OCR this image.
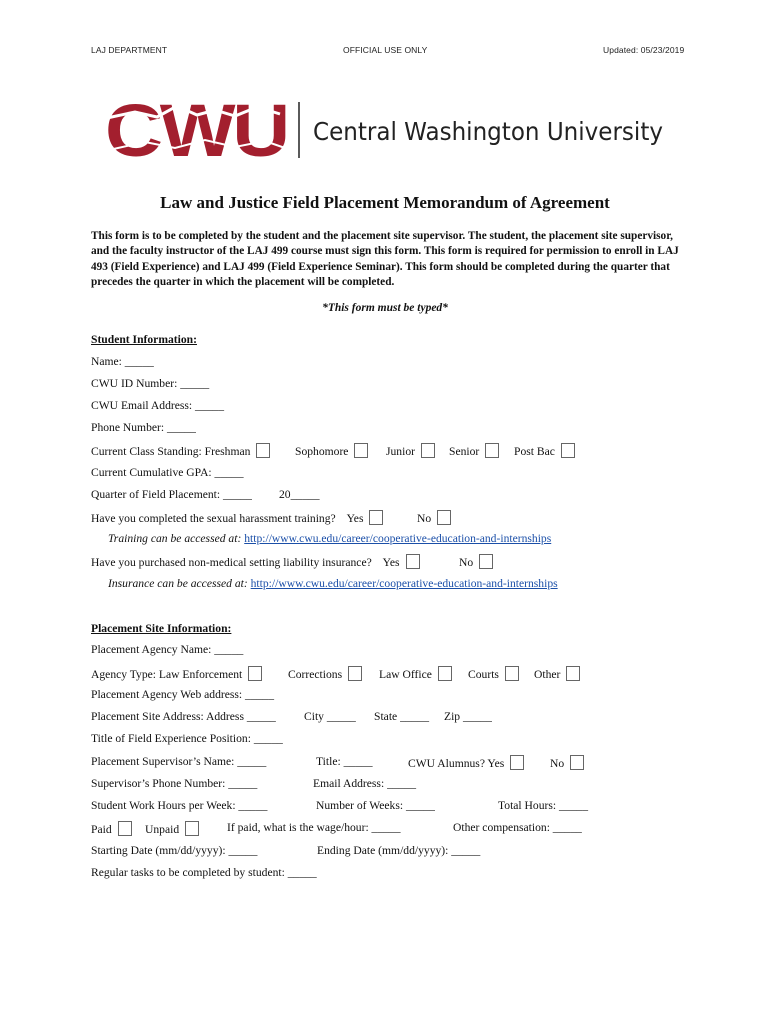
LAJ DEPARTMENT	OFFICIAL USE ONLY	Updated: 05/23/2019
CWU Central Washington University
Law and Justice Field Placement Memorandum of Agreement
This form is to be completed by the student and the placement site supervisor. The student, the placement site supervisor, and the faculty instructor of the LAJ 499 course must sign this form. This form is required for permission to enroll in LAJ 493 (Field Experience) and LAJ 499 (Field Experience Seminar). This form should be completed during the quarter that precedes the quarter in which the placement will be completed.
*This form must be typed*
Student Information:
Name: _____
CWU ID Number: _____
CWU Email Address: _____
Phone Number: _____
Current Class Standing: Freshman	Sophomore	Junior	Senior	Post Bac
Current Cumulative GPA: _____
Quarter of Field Placement: _____ 20_____
Have you completed the sexual harassment training? Yes	No
Training can be accessed at: http://www.cwu.edu/career/cooperative-education-and-internships
Have you purchased non-medical setting liability insurance? Yes	No
Insurance can be accessed at: http://www.cwu.edu/career/cooperative-education-and-internships
Placement Site Information:
Placement Agency Name: _____
Agency Type: Law Enforcement	Corrections	Law Office	Courts	Other
Placement Agency Web address: _____
Placement Site Address: Address _____ City _____ State _____ Zip _____
Title of Field Experience Position: _____
Placement Supervisor’s Name: _____	Title: _____	CWU Alumnus? Yes	No
Supervisor’s Phone Number: _____	Email Address: _____
Student Work Hours per Week: _____	Number of Weeks: _____	Total Hours: _____
Paid	Unpaid	If paid, what is the wage/hour: _____	Other compensation: _____
Starting Date (mm/dd/yyyy): _____	Ending Date (mm/dd/yyyy): _____
Regular tasks to be completed by student: _____
